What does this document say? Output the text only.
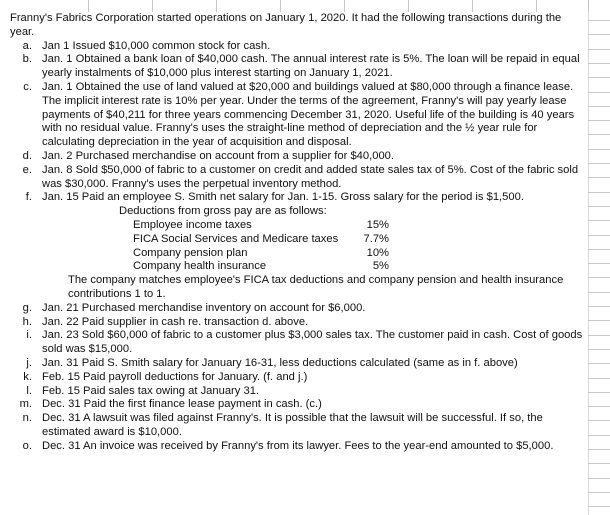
Franny's Fabrics Corporation started operations on January 1, 2020. It had the following transactions during the year.

a. Jan 1 Issued $10,000 common stock for cash.
b. Jan. 1 Obtained a bank loan of $40,000 cash. The annual interest rate is 5%. The loan will be repaid in equal yearly instalments of $10,000 plus interest starting on January 1, 2021.
c. Jan. 1 Obtained the use of land valued at $20,000 and buildings valued at $80,000 through a finance lease. The implicit interest rate is 10% per year. Under the terms of the agreement, Franny's will pay yearly lease payments of $40,211 for three years commencing December 31, 2020. Useful life of the building is 40 years with no residual value. Franny's uses the straight-line method of depreciation and the ½ year rule for calculating depreciation in the year of acquisition and disposal.
d. Jan. 2 Purchased merchandise on account from a supplier for $40,000.
e. Jan. 8 Sold $50,000 of fabric to a customer on credit and added state sales tax of 5%. Cost of the fabric sold was $30,000. Franny's uses the perpetual inventory method.
f. Jan. 15 Paid an employee S. Smith net salary for Jan. 1-15. Gross salary for the period is $1,500.
Deductions from gross pay are as follows:
Employee income taxes	15%
FICA Social Services and Medicare taxes	7.7%
Company pension plan	10%
Company health insurance	5%
The company matches employee's FICA tax deductions and company pension and health insurance contributions 1 to 1.
g. Jan. 21 Purchased merchandise inventory on account for $6,000.
h. Jan. 22 Paid supplier in cash re. transaction d. above.
i. Jan. 23 Sold $60,000 of fabric to a customer plus $3,000 sales tax. The customer paid in cash. Cost of goods sold was $15,000.
j. Jan. 31 Paid S. Smith salary for January 16-31, less deductions calculated (same as in f. above)
k. Feb. 15 Paid payroll deductions for January. (f. and j.)
l. Feb. 15 Paid sales tax owing at January 31.
m. Dec. 31 Paid the first finance lease payment in cash. (c.)
n. Dec. 31 A lawsuit was filed against Franny's. It is possible that the lawsuit will be successful. If so, the estimated award is $10,000.
o. Dec. 31 An invoice was received by Franny's from its lawyer. Fees to the year-end amounted to $5,000.
